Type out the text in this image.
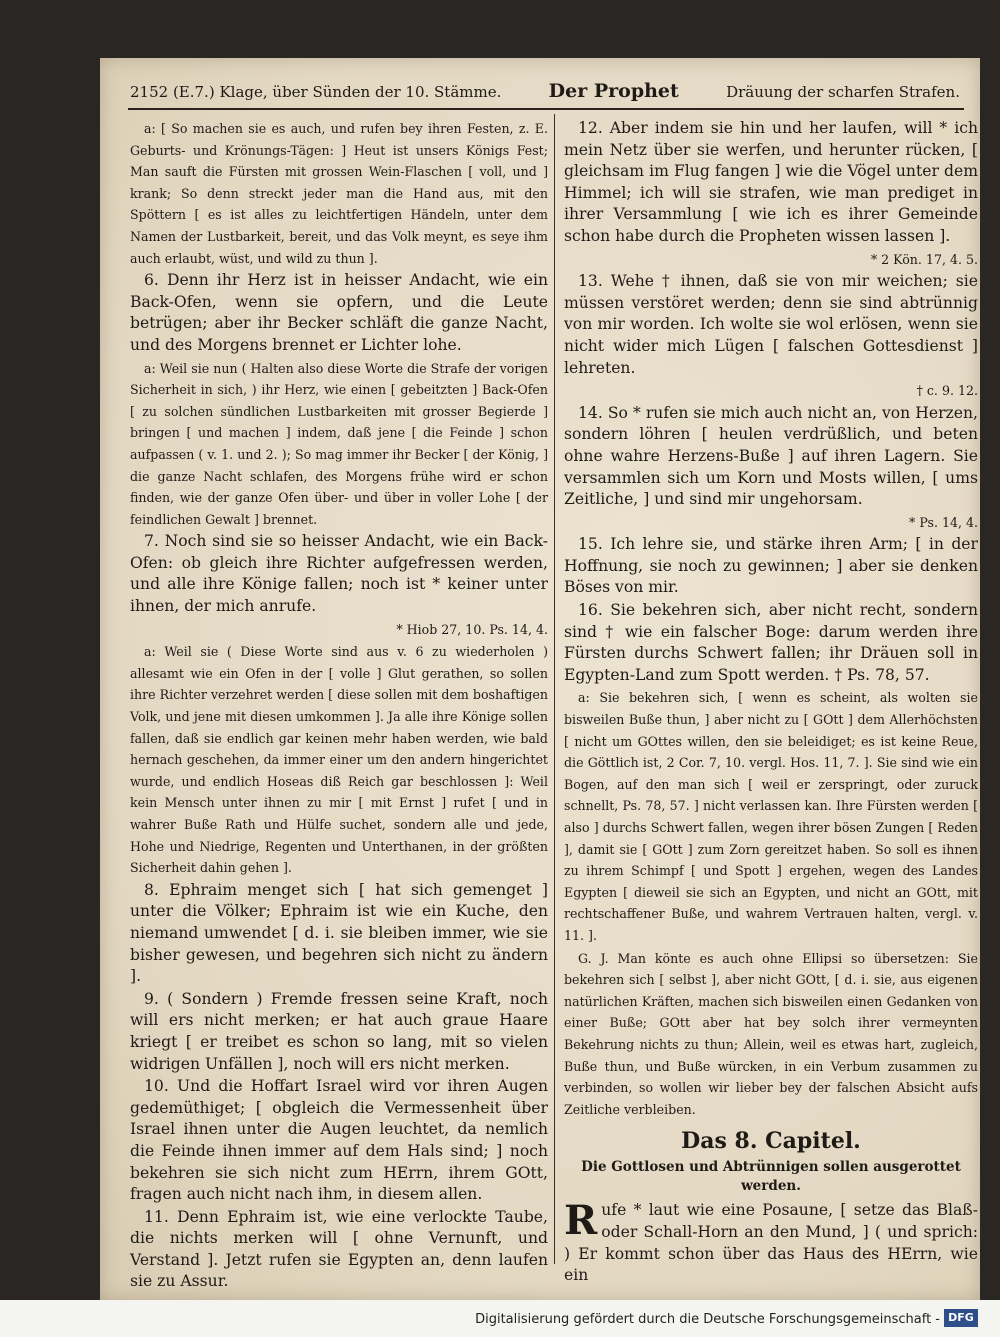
2152 (E.7.) Klage, über Sünden der 10. Stämme. Der Prophet	Dräuung der scharfen Strafen.

a: [ So machen sie es auch, und rufen bey ihren Festen, z. E. Geburts- und Krönungs-Tägen: ] Heut ist unsers Königs Fest; Man sauft die Fürsten mit grossen Wein-Flaschen [ voll, und ] krank; So denn streckt jeder man die Hand aus, mit den Spöttern [ es ist alles zu leichtfertigen Händeln, unter dem Namen der Lustbarkeit, bereit, und das Volk meynt, es seye ihm auch erlaubt, wüst, und wild zu thun ].

6. Denn ihr Herz ist in heisser Andacht, wie ein Back-Ofen, wenn sie opfern, und die Leute betrügen; aber ihr Becker schläft die ganze Nacht, und des Morgens brennet er Lichter lohe.

a: Weil sie nun ( Halten also diese Worte die Strafe der vorigen Sicherheit in sich, ) ihr Herz, wie einen [ gebeitzten ] Back-Ofen [ zu solchen sündlichen Lustbarkeiten mit grosser Begierde ] bringen [ und machen ] indem, daß jene [ die Feinde ] schon aufpassen ( v. 1. und 2. ); So mag immer ihr Becker [ der König, ] die ganze Nacht schlafen, des Morgens frühe wird er schon finden, wie der ganze Ofen über- und über in voller Lohe [ der feindlichen Gewalt ] brennet.

7. Noch sind sie so heisser Andacht, wie ein Back-Ofen: ob gleich ihre Richter aufgefressen werden, und alle ihre Könige fallen; noch ist * keiner unter ihnen, der mich anrufe.

* Hiob 27, 10. Ps. 14, 4.

a: Weil sie ( Diese Worte sind aus v. 6 zu wiederholen ) allesamt wie ein Ofen in der [ volle ] Glut gerathen, so sollen ihre Richter verzehret werden [ diese sollen mit dem boshaftigen Volk, und jene mit diesen umkommen ]. Ja alle ihre Könige sollen fallen, daß sie endlich gar keinen mehr haben werden, wie bald hernach geschehen, da immer einer um den andern hingerichtet wurde, und endlich Hoseas diß Reich gar beschlossen ]: Weil kein Mensch unter ihnen zu mir [ mit Ernst ] rufet [ und in wahrer Buße Rath und Hülfe suchet, sondern alle und jede, Hohe und Niedrige, Regenten und Unterthanen, in der größten Sicherheit dahin gehen ].

8. Ephraim menget sich [ hat sich gemenget ] unter die Völker; Ephraim ist wie ein Kuche, den niemand umwendet [ d. i. sie bleiben immer, wie sie bisher gewesen, und begehren sich nicht zu ändern ].

9. ( Sondern ) Fremde fressen seine Kraft, noch will ers nicht merken; er hat auch graue Haare kriegt [ er treibet es schon so lang, mit so vielen widrigen Unfällen ], noch will ers nicht merken.

10. Und die Hoffart Israel wird vor ihren Augen gedemüthiget; [ obgleich die Vermessenheit über Israel ihnen unter die Augen leuchtet, da nemlich die Feinde ihnen immer auf dem Hals sind; ] noch bekehren sie sich nicht zum HErrn, ihrem GOtt, fragen auch nicht nach ihm, in diesem allen.

11. Denn Ephraim ist, wie eine verlockte Taube, die nichts merken will [ ohne Vernunft, und Verstand ]. Jetzt rufen sie Egypten an, denn laufen sie zu Assur.

12. Aber indem sie hin und her laufen, will * ich mein Netz über sie werfen, und herunter rücken, [ gleichsam im Flug fangen ] wie die Vögel unter dem Himmel; ich will sie strafen, wie man prediget in ihrer Versammlung [ wie ich es ihrer Gemeinde schon habe durch die Propheten wissen lassen ].

* 2 Kön. 17, 4. 5.

13. Wehe † ihnen, daß sie von mir weichen; sie müssen verstöret werden; denn sie sind abtrünnig von mir worden. Ich wolte sie wol erlösen, wenn sie nicht wider mich Lügen [ falschen Gottesdienst ] lehreten.

† c. 9. 12.

14. So * rufen sie mich auch nicht an, von Herzen, sondern löhren [ heulen verdrüßlich, und beten ohne wahre Herzens-Buße ] auf ihren Lagern. Sie versammlen sich um Korn und Mosts willen, [ ums Zeitliche, ] und sind mir ungehorsam.

* Ps. 14, 4.

15. Ich lehre sie, und stärke ihren Arm; [ in der Hoffnung, sie noch zu gewinnen; ] aber sie denken Böses von mir.

16. Sie bekehren sich, aber nicht recht, sondern sind † wie ein falscher Boge: darum werden ihre Fürsten durchs Schwert fallen; ihr Dräuen soll in Egypten-Land zum Spott werden. † Ps. 78, 57.

a: Sie bekehren sich, [ wenn es scheint, als wolten sie bisweilen Buße thun, ] aber nicht zu [ GOtt ] dem Allerhöchsten [ nicht um GOttes willen, den sie beleidiget; es ist keine Reue, die Göttlich ist, 2 Cor. 7, 10. vergl. Hos. 11, 7. ]. Sie sind wie ein Bogen, auf den man sich [ weil er zerspringt, oder zuruck schnellt, Ps. 78, 57. ] nicht verlassen kan. Ihre Fürsten werden [ also ] durchs Schwert fallen, wegen ihrer bösen Zungen [ Reden ], damit sie [ GOtt ] zum Zorn gereitzet haben. So soll es ihnen zu ihrem Schimpf [ und Spott ] ergehen, wegen des Landes Egypten [ dieweil sie sich an Egypten, und nicht an GOtt, mit rechtschaffener Buße, und wahrem Vertrauen halten, vergl. v. 11. ].

G. J. Man könte es auch ohne Ellipsi so übersetzen: Sie bekehren sich [ selbst ], aber nicht GOtt, [ d. i. sie, aus eigenen natürlichen Kräften, machen sich bisweilen einen Gedanken von einer Buße; GOtt aber hat bey solch ihrer vermeynten Bekehrung nichts zu thun; Allein, weil es etwas hart, zugleich, Buße thun, und Buße würcken, in ein Verbum zusammen zu verbinden, so wollen wir lieber bey der falschen Absicht aufs Zeitliche verbleiben.

Das 8. Capitel.
Die Gottlosen und Abtrünnigen sollen ausgerottet werden.

Rufe * laut wie eine Posaune, [ setze das Blaß- oder Schall-Horn an den Mund, ] ( und sprich: ) Er kommt schon über das Haus des HErrn, wie ein

Digitalisierung gefördert durch die Deutsche Forschungsgemeinschaft - DFG
